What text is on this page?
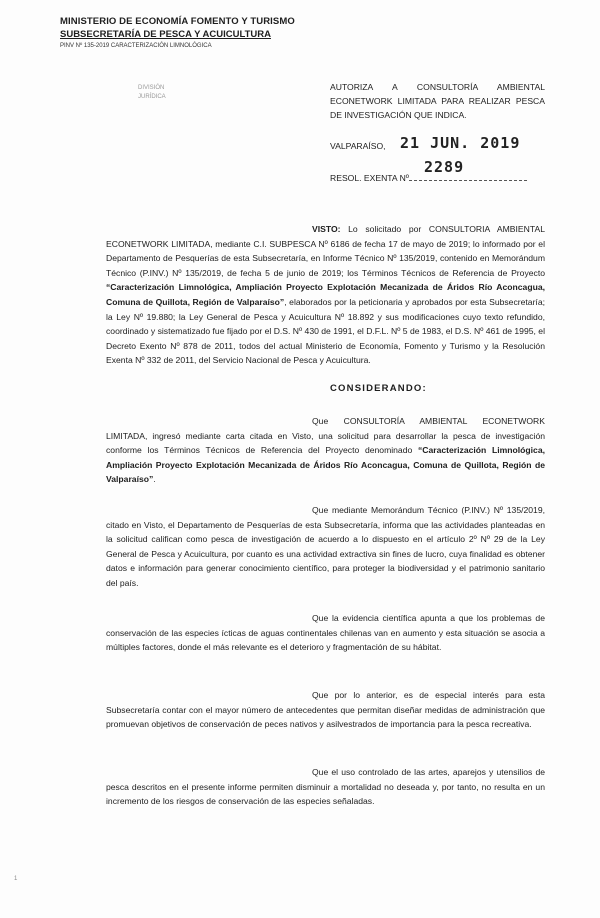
MINISTERIO DE ECONOMÍA FOMENTO Y TURISMO
SUBSECRETARÍA DE PESCA Y ACUICULTURA
PINV Nº 135-2019 CARACTERIZACIÓN LIMNOLÓGICA
DIVISIÓN
JURÍDICA
AUTORIZA A CONSULTORÍA AMBIENTAL
ECONETWORK LIMITADA PARA REALIZAR PESCA
DE INVESTIGACIÓN QUE INDICA.
VALPARAÍSO, 21 JUN. 2019
RESOL. EXENTA Nº
2289
VISTO: Lo solicitado por CONSULTORIA AMBIENTAL ECONETWORK LIMITADA, mediante C.I. SUBPESCA Nº 6186 de fecha 17 de mayo de 2019; lo informado por el Departamento de Pesquerías de esta Subsecretaría, en Informe Técnico Nº 135/2019, contenido en Memorándum Técnico (P.INV.) Nº 135/2019, de fecha 5 de junio de 2019; los Términos Técnicos de Referencia de Proyecto “Caracterización Limnológica, Ampliación Proyecto Explotación Mecanizada de Áridos Río Aconcagua, Comuna de Quillota, Región de Valparaíso”, elaborados por la peticionaria y aprobados por esta Subsecretaría; la Ley Nº 19.880; la Ley General de Pesca y Acuicultura Nº 18.892 y sus modificaciones cuyo texto refundido, coordinado y sistematizado fue fijado por el D.S. Nº 430 de 1991, el D.F.L. Nº 5 de 1983, el D.S. Nº 461 de 1995, el Decreto Exento Nº 878 de 2011, todos del actual Ministerio de Economía, Fomento y Turismo y la Resolución Exenta Nº 332 de 2011, del Servicio Nacional de Pesca y Acuicultura.
CONSIDERANDO:
Que CONSULTORÍA AMBIENTAL ECONETWORK LIMITADA, ingresó mediante carta citada en Visto, una solicitud para desarrollar la pesca de investigación conforme los Términos Técnicos de Referencia del Proyecto denominado “Caracterización Limnológica, Ampliación Proyecto Explotación Mecanizada de Áridos Río Aconcagua, Comuna de Quillota, Región de Valparaíso”.
Que mediante Memorándum Técnico (P.INV.) Nº 135/2019, citado en Visto, el Departamento de Pesquerías de esta Subsecretaría, informa que las actividades planteadas en la solicitud califican como pesca de investigación de acuerdo a lo dispuesto en el artículo 2º Nº 29 de la Ley General de Pesca y Acuicultura, por cuanto es una actividad extractiva sin fines de lucro, cuya finalidad es obtener datos e información para generar conocimiento científico, para proteger la biodiversidad y el patrimonio sanitario del país.
Que la evidencia científica apunta a que los problemas de conservación de las especies ícticas de aguas continentales chilenas van en aumento y esta situación se asocia a múltiples factores, donde el más relevante es el deterioro y fragmentación de su hábitat.
Que por lo anterior, es de especial interés para esta Subsecretaría contar con el mayor número de antecedentes que permitan diseñar medidas de administración que promuevan objetivos de conservación de peces nativos y asilvestrados de importancia para la pesca recreativa.
Que el uso controlado de las artes, aparejos y utensilios de pesca descritos en el presente informe permiten disminuir a mortalidad no deseada y, por tanto, no resulta en un incremento de los riesgos de conservación de las especies señaladas.
1
